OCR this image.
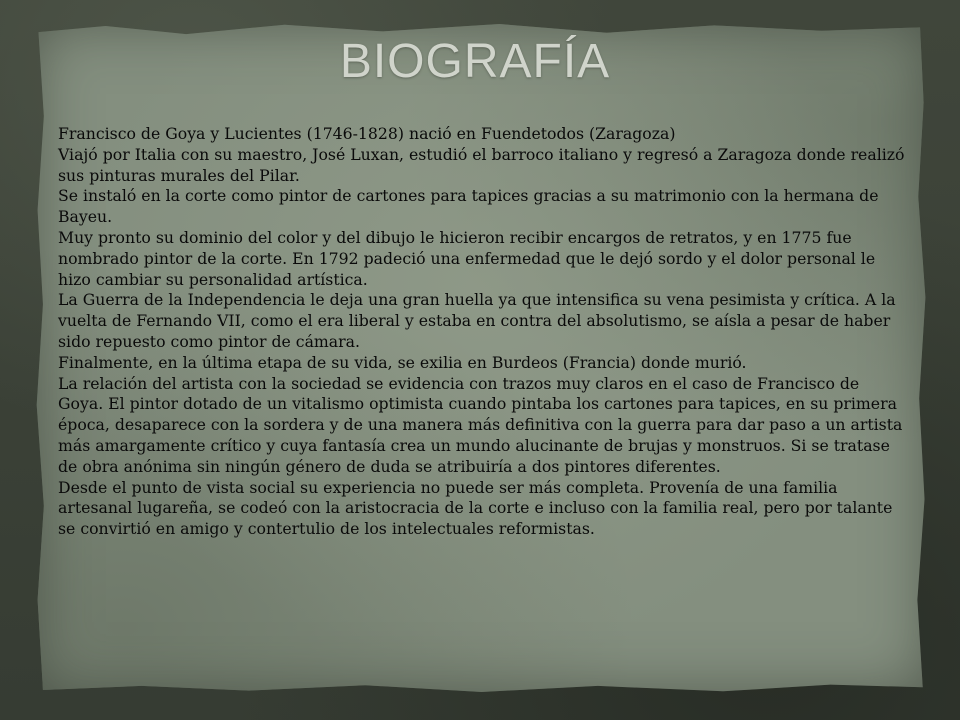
BIOGRAFÍA

Francisco de Goya y Lucientes (1746-1828) nació en Fuendetodos (Zaragoza)

Viajó por Italia con su maestro, José Luxan, estudió el barroco italiano y regresó a Zaragoza donde realizó sus pinturas murales del Pilar.

Se instaló en la corte como pintor de cartones para tapices gracias a su matrimonio con la hermana de Bayeu.

Muy pronto su dominio del color y del dibujo le hicieron recibir encargos de retratos, y en 1775 fue nombrado pintor de la corte. En 1792 padeció una enfermedad que le dejó sordo y el dolor personal le hizo cambiar su personalidad artística.

La Guerra de la Independencia le deja una gran huella ya que intensifica su vena pesimista y crítica. A la vuelta de Fernando VII, como el era liberal y estaba en contra del absolutismo, se aísla a pesar de haber sido repuesto como pintor de cámara.

Finalmente, en la última etapa de su vida, se exilia en Burdeos (Francia) donde murió.

La relación del artista con la sociedad se evidencia con trazos muy claros en el caso de Francisco de Goya. El pintor dotado de un vitalismo optimista cuando pintaba los cartones para tapices, en su primera época, desaparece con la sordera y de una manera más definitiva con la guerra para dar paso a un artista más amargamente crítico y cuya fantasía crea un mundo alucinante de brujas y monstruos. Si se tratase de obra anónima sin ningún género de duda se atribuiría a dos pintores diferentes.

Desde el punto de vista social su experiencia no puede ser más completa. Provenía de una familia artesanal lugareña, se codeó con la aristocracia de la corte e incluso con la familia real, pero por talante se convirtió en amigo y contertulio de los intelectuales reformistas.
